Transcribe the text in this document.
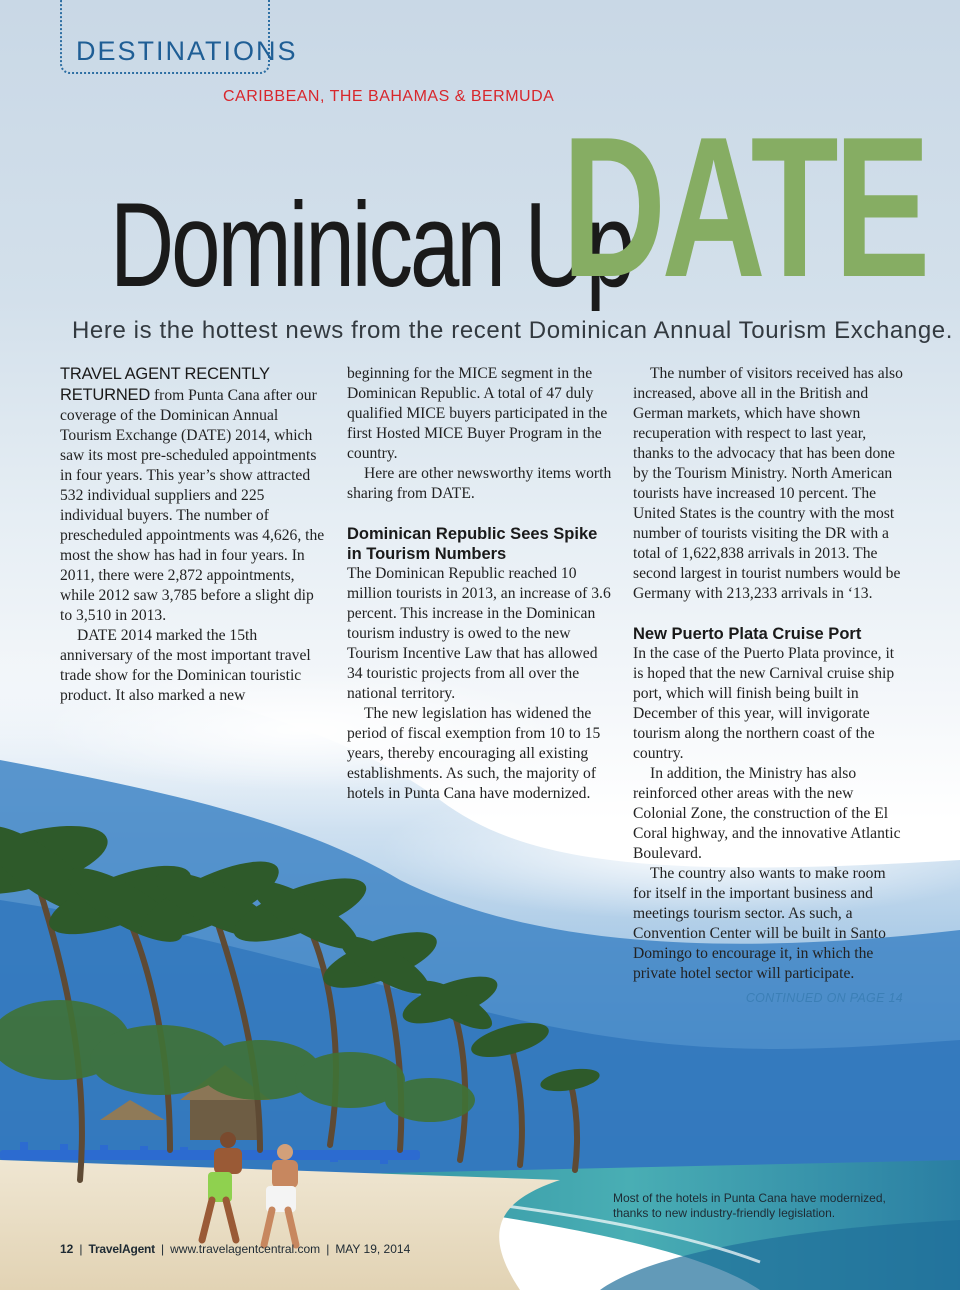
DESTINATIONS
CARIBBEAN, THE BAHAMAS & BERMUDA
Dominican Up
DATE
Here is the hottest news from the recent Dominican Annual Tourism Exchange.

TRAVEL AGENT RECENTLY RETURNED from Punta Cana after our coverage of the Dominican Annual Tourism Exchange (DATE) 2014, which saw its most pre-scheduled appointments in four years. This year’s show attracted 532 individual suppliers and 225 individual buyers. The number of prescheduled appointments was 4,626, the most the show has had in four years. In 2011, there were 2,872 appointments, while 2012 saw 3,785 before a slight dip to 3,510 in 2013.

DATE 2014 marked the 15th anniversary of the most important travel trade show for the Dominican touristic product. It also marked a new

beginning for the MICE segment in the Dominican Republic. A total of 47 duly qualified MICE buyers participated in the first Hosted MICE Buyer Program in the country.

Here are other newsworthy items worth sharing from DATE.

Dominican Republic Sees Spike in Tourism Numbers

The Dominican Republic reached 10 million tourists in 2013, an increase of 3.6 percent. This increase in the Dominican tourism industry is owed to the new Tourism Incentive Law that has allowed 34 touristic projects from all over the national territory.

The new legislation has widened the period of fiscal exemption from 10 to 15 years, thereby encouraging all existing establishments. As such, the majority of hotels in Punta Cana have modernized.

The number of visitors received has also increased, above all in the British and German markets, which have shown recuperation with respect to last year, thanks to the advocacy that has been done by the Tourism Ministry. North American tourists have increased 10 percent. The United States is the country with the most number of tourists visiting the DR with a total of 1,622,838 arrivals in 2013. The second largest in tourist numbers would be Germany with 213,233 arrivals in ‘13.

New Puerto Plata Cruise Port

In the case of the Puerto Plata province, it is hoped that the new Carnival cruise ship port, which will finish being built in December of this year, will invigorate tourism along the northern coast of the country.

In addition, the Ministry has also reinforced other areas with the new Colonial Zone, the construction of the El Coral highway, and the innovative Atlantic Boulevard.

The country also wants to make room for itself in the important business and meetings tourism sector. As such, a Convention Center will be built in Santo Domingo to encourage it, in which the private hotel sector will participate.

CONTINUED ON PAGE 14
Most of the hotels in Punta Cana have modernized, thanks to new industry-friendly legislation.
12 | TravelAgent | www.travelagentcentral.com | MAY 19, 2014
